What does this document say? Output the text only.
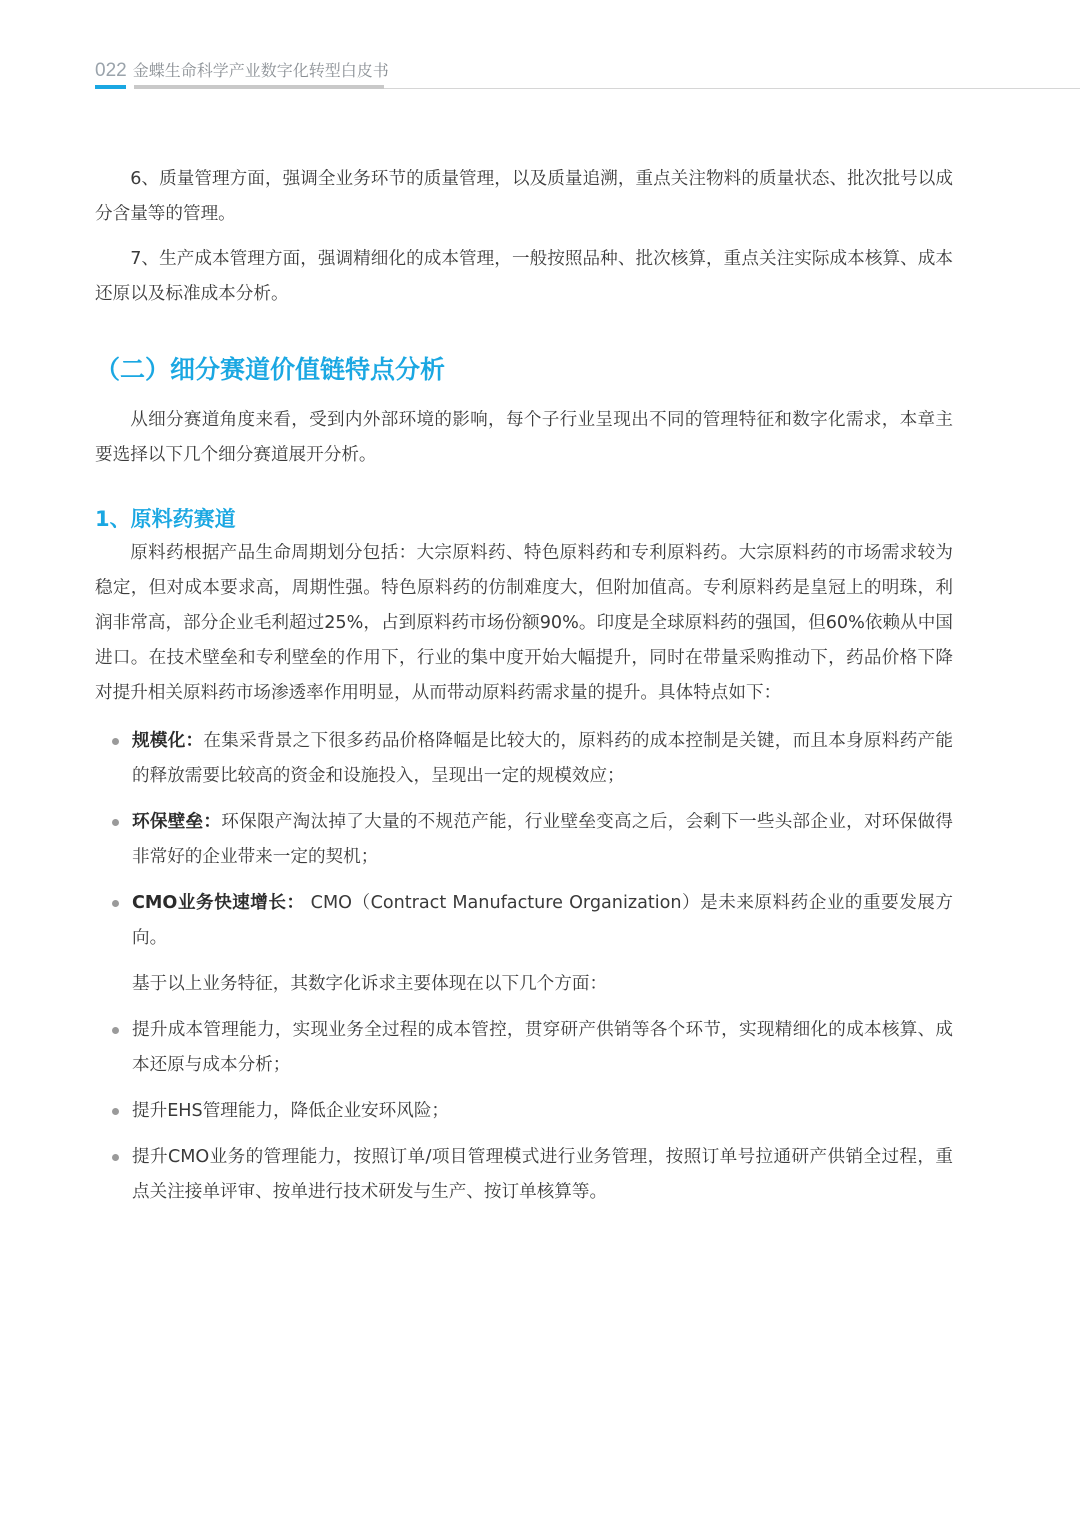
022 金蝶生命科学产业数字化转型白皮书

6、质量管理方面，强调全业务环节的质量管理，以及质量追溯，重点关注物料的质量状态、批次批号以成分含量等的管理。

7、生产成本管理方面，强调精细化的成本管理，一般按照品种、批次核算，重点关注实际成本核算、成本还原以及标准成本分析。

（二）细分赛道价值链特点分析

从细分赛道角度来看，受到内外部环境的影响，每个子行业呈现出不同的管理特征和数字化需求，本章主要选择以下几个细分赛道展开分析。

1、原料药赛道

原料药根据产品生命周期划分包括：大宗原料药、特色原料药和专利原料药。大宗原料药的市场需求较为稳定，但对成本要求高，周期性强。特色原料药的仿制难度大，但附加值高。专利原料药是皇冠上的明珠，利润非常高，部分企业毛利超过25%，占到原料药市场份额90%。印度是全球原料药的强国，但60%依赖从中国进口。在技术壁垒和专利壁垒的作用下，行业的集中度开始大幅提升，同时在带量采购推动下，药品价格下降对提升相关原料药市场渗透率作用明显，从而带动原料药需求量的提升。具体特点如下：

规模化：在集采背景之下很多药品价格降幅是比较大的，原料药的成本控制是关键，而且本身原料药产能的释放需要比较高的资金和设施投入，呈现出一定的规模效应；
环保壁垒：环保限产淘汰掉了大量的不规范产能，行业壁垒变高之后，会剩下一些头部企业，对环保做得非常好的企业带来一定的契机；
CMO业务快速增长： CMO（Contract Manufacture Organization）是未来原料药企业的重要发展方向。

基于以上业务特征，其数字化诉求主要体现在以下几个方面：

提升成本管理能力，实现业务全过程的成本管控，贯穿研产供销等各个环节，实现精细化的成本核算、成本还原与成本分析；
提升EHS管理能力，降低企业安环风险；
提升CMO业务的管理能力，按照订单/项目管理模式进行业务管理，按照订单号拉通研产供销全过程，重点关注接单评审、按单进行技术研发与生产、按订单核算等。
